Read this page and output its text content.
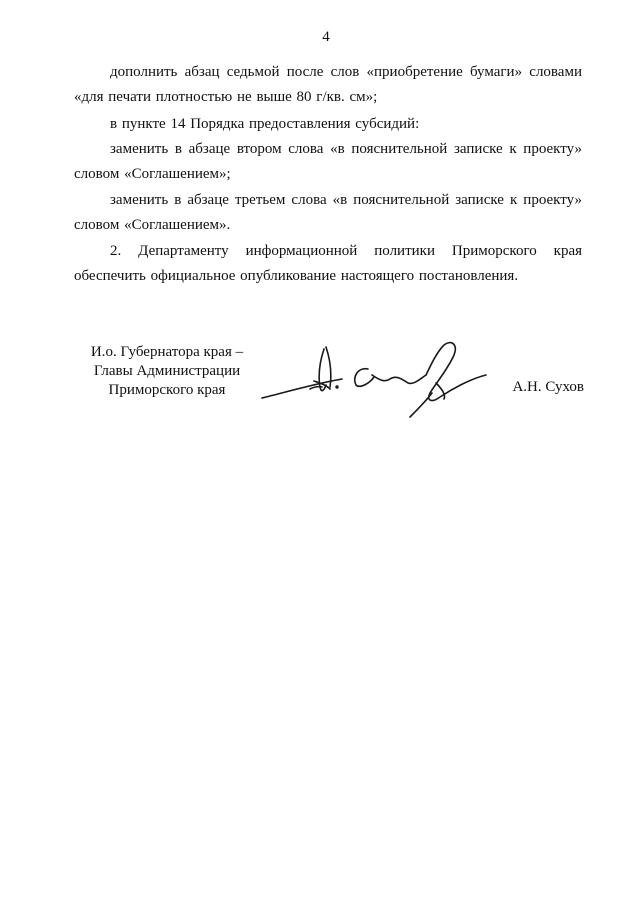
4

дополнить абзац седьмой после слов «приобретение бумаги» словами «для печати плотностью не выше 80 г/кв. см»;

в пункте 14 Порядка предоставления субсидий:

заменить в абзаце втором слова «в пояснительной записке к проекту» словом «Соглашением»;

заменить в абзаце третьем слова «в пояснительной записке к проекту» словом «Соглашением».

2. Департаменту информационной политики Приморского края обеспечить официальное опубликование настоящего постановления.

И.о. Губернатора края –
Главы Администрации
Приморского края	А.Н. Сухов
